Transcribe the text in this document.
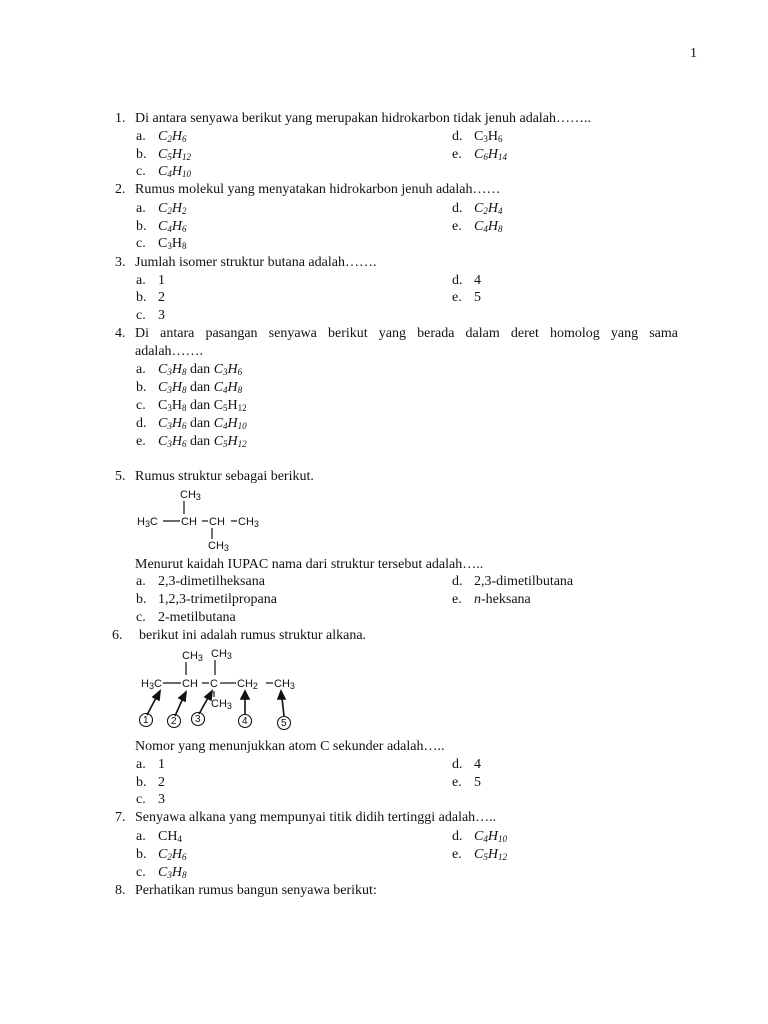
1
1. Di antara senyawa berikut yang merupakan hidrokarbon tidak jenuh adalah……..
a. $C_2H_6$
b. $C_5H_{12}$
c. $C_4H_{10}$
d. $C_3H_6$
e. $C_6H_{14}$
2. Rumus molekul yang menyatakan hidrokarbon jenuh adalah……
a. $C_2H_2$
b. $C_4H_6$
c. $C_3H_8$
d. $C_2H_4$
e. $C_4H_8$
3. Jumlah isomer struktur butana adalah…….
a. 1
b. 2
c. 3
d. 4
e. 5
4. Di antara pasangan senyawa berikut yang berada dalam deret homolog yang sama
adalah…….
a. $C_3H_8$ dan $C_3H_6$
b. $C_3H_8$ dan $C_4H_8$
c. $C_3H_8$ dan $C_5H_{12}$
d. $C_3H_6$ dan $C_4H_{10}$
e. $C_3H_6$ dan $C_5H_{12}$
5. Rumus struktur sebagai berikut.
$CH_3$
$H_3C$ CH CH $CH_3$
$CH_3$
Menurut kaidah IUPAC nama dari struktur tersebut adalah…..
a. 2,3-dimetilheksana
b. 1,2,3-trimetilpropana
c. 2-metilbutana
d. 2,3-dimetilbutana
e. n-heksana
6. berikut ini adalah rumus struktur alkana.
$CH_3$ $CH_3$
$H_3C$ CH C $CH_2$ $CH_3$
$CH_3$
1 2 3	4	5
Nomor yang menunjukkan atom C sekunder adalah…..
a. 1
b. 2
c. 3
d. 4
e. 5
7. Senyawa alkana yang mempunyai titik didih tertinggi adalah…..
a. $CH_4$
b. $C_2H_6$
c. $C_3H_8$
d. $C_4H_{10}$
e. $C_5H_{12}$
8. Perhatikan rumus bangun senyawa berikut:
